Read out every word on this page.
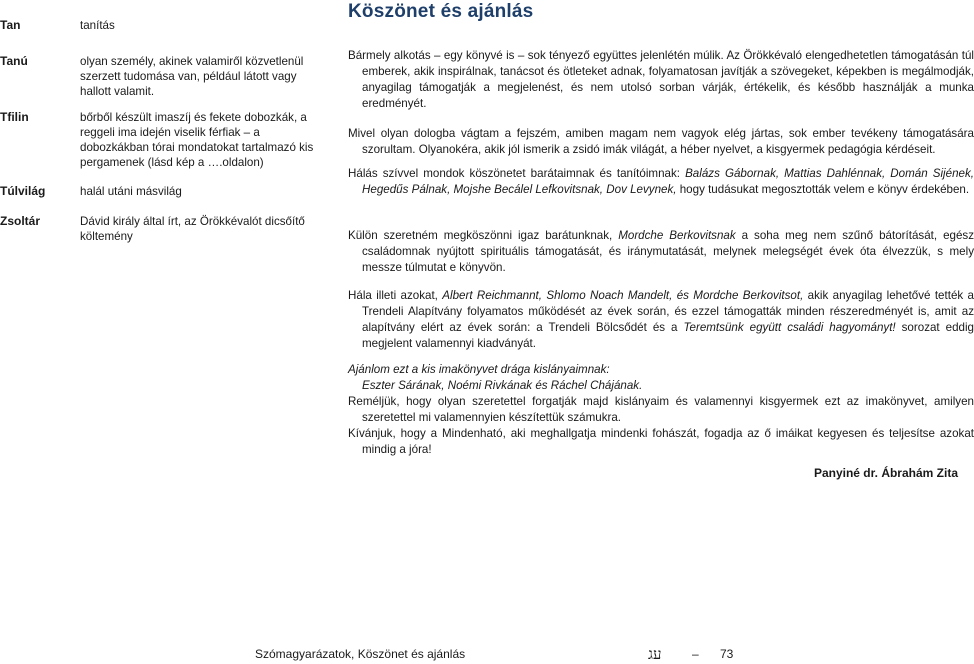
Tan	tanítás
Tanú	olyan személy, akinek valamiről közvetlenül szerzett tudomása van, például látott vagy hallott valamit.
Tfilin	bőrből készült imaszíj és fekete dobozkák, a reggeli ima idején viselik férfiak – a dobozkákban tórai mondatokat tartalmazó kis pergamenek (lásd kép a ….oldalon)
Túlvilág	halál utáni másvilág
Zsoltár	Dávid király által írt, az Örökkévalót dicsőítő költemény
Köszönet és ajánlás

Bármely alkotás – egy könyvé is – sok tényező együttes jelenlétén múlik. Az Örökkévaló elengedhetetlen támogatásán túl emberek, akik inspirálnak, tanácsot és ötleteket adnak, folyamatosan javítják a szövegeket, képekben is megálmodják, anyagilag támogatják a megjelenést, és nem utolsó sorban várják, értékelik, és később használják a munka eredményét.

Mivel olyan dologba vágtam a fejszém, amiben magam nem vagyok elég jártas, sok ember tevékeny támogatására szorultam. Olyanokéra, akik jól ismerik a zsidó imák világát, a héber nyelvet, a kisgyermek pedagógia kérdéseit.

Hálás szívvel mondok köszönetet barátaimnak és tanítóimnak: Balázs Gábornak, Mattias Dahlénnak, Domán Sijének, Hegedűs Pálnak, Mojshe Becálel Lefkovitsnak, Dov Levynek, hogy tudásukat megosztották velem e könyv érdekében.

Külön szeretném megköszönni igaz barátunknak, Mordche Berkovitsnak a soha meg nem szűnő bátorítását, egész családomnak nyújtott spirituális támogatását, és iránymutatását, melynek melegségét évek óta élvezzük, s mely messze túlmutat e könyvön.

Hála illeti azokat, Albert Reichmannt, Shlomo Noach Mandelt, és Mordche Berkovitsot, akik anyagilag lehetővé tették a Trendeli Alapítvány folyamatos működését az évek során, és ezzel támogatták minden részeredményét is, amit az alapítvány elért az évek során: a Trendeli Bölcsődét és a Teremtsünk együtt családi hagyományt! sorozat eddig megjelent valamennyi kiadványát.

Ajánlom ezt a kis imakönyvet drága kislányaimnak:
Eszter Sárának, Noémi Rivkának és Ráchel Chájának.

Reméljük, hogy olyan szeretettel forgatják majd kislányaim és valamennyi kisgyermek ezt az imakönyvet, amilyen szeretettel mi valamennyien készítettük számukra.

Kívánjuk, hogy a Mindenható, aki meghallgatja mindenki fohászát, fogadja az ő imáikat kegyesen és teljesítse azokat mindig a jóra!

Panyiné dr. Ábrahám Zita
Szómagyarázatok, Köszönet és ajánlás	עג	– 73
